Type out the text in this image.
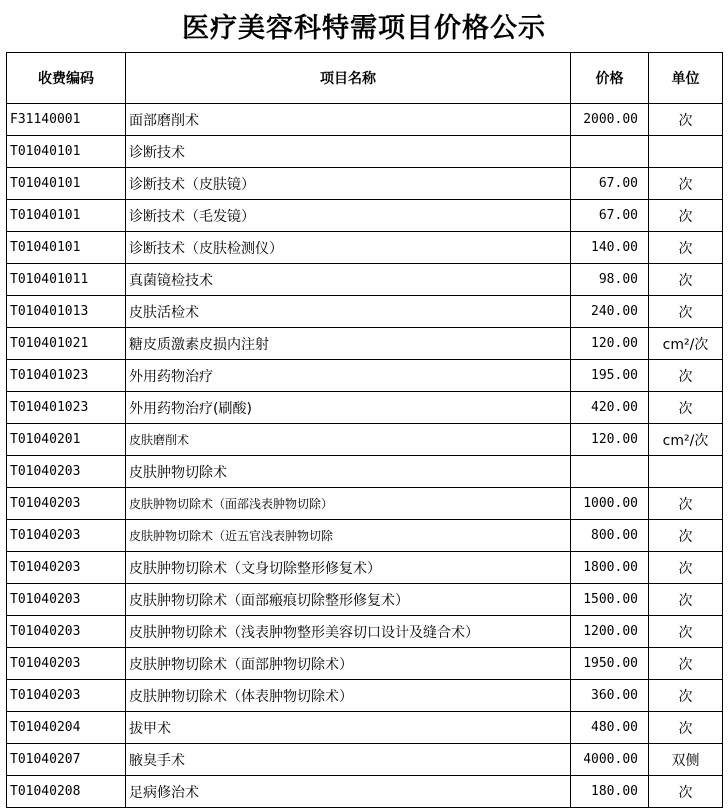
医疗美容科特需项目价格公示
收费编码	项目名称	价格	单位
F31140001	面部磨削术	2000.00	次
T01040101	诊断技术		
T01040101	诊断技术（皮肤镜）	67.00	次
T01040101	诊断技术（毛发镜）	67.00	次
T01040101	诊断技术（皮肤检测仪）	140.00	次
T010401011	真菌镜检技术	98.00	次
T010401013	皮肤活检术	240.00	次
T010401021	糖皮质激素皮损内注射	120.00	cm²/次
T010401023	外用药物治疗	195.00	次
T010401023	外用药物治疗(刷酸)	420.00	次
T01040201	皮肤磨削术	120.00	cm²/次
T01040203	皮肤肿物切除术		
T01040203	皮肤肿物切除术（面部浅表肿物切除）	1000.00	次
T01040203	皮肤肿物切除术（近五官浅表肿物切除	800.00	次
T01040203	皮肤肿物切除术（文身切除整形修复术）	1800.00	次
T01040203	皮肤肿物切除术（面部瘢痕切除整形修复术）	1500.00	次
T01040203	皮肤肿物切除术（浅表肿物整形美容切口设计及缝合术）	1200.00	次
T01040203	皮肤肿物切除术（面部肿物切除术）	1950.00	次
T01040203	皮肤肿物切除术（体表肿物切除术）	360.00	次
T01040204	拔甲术	480.00	次
T01040207	腋臭手术	4000.00	双侧
T01040208	足病修治术	180.00	次
